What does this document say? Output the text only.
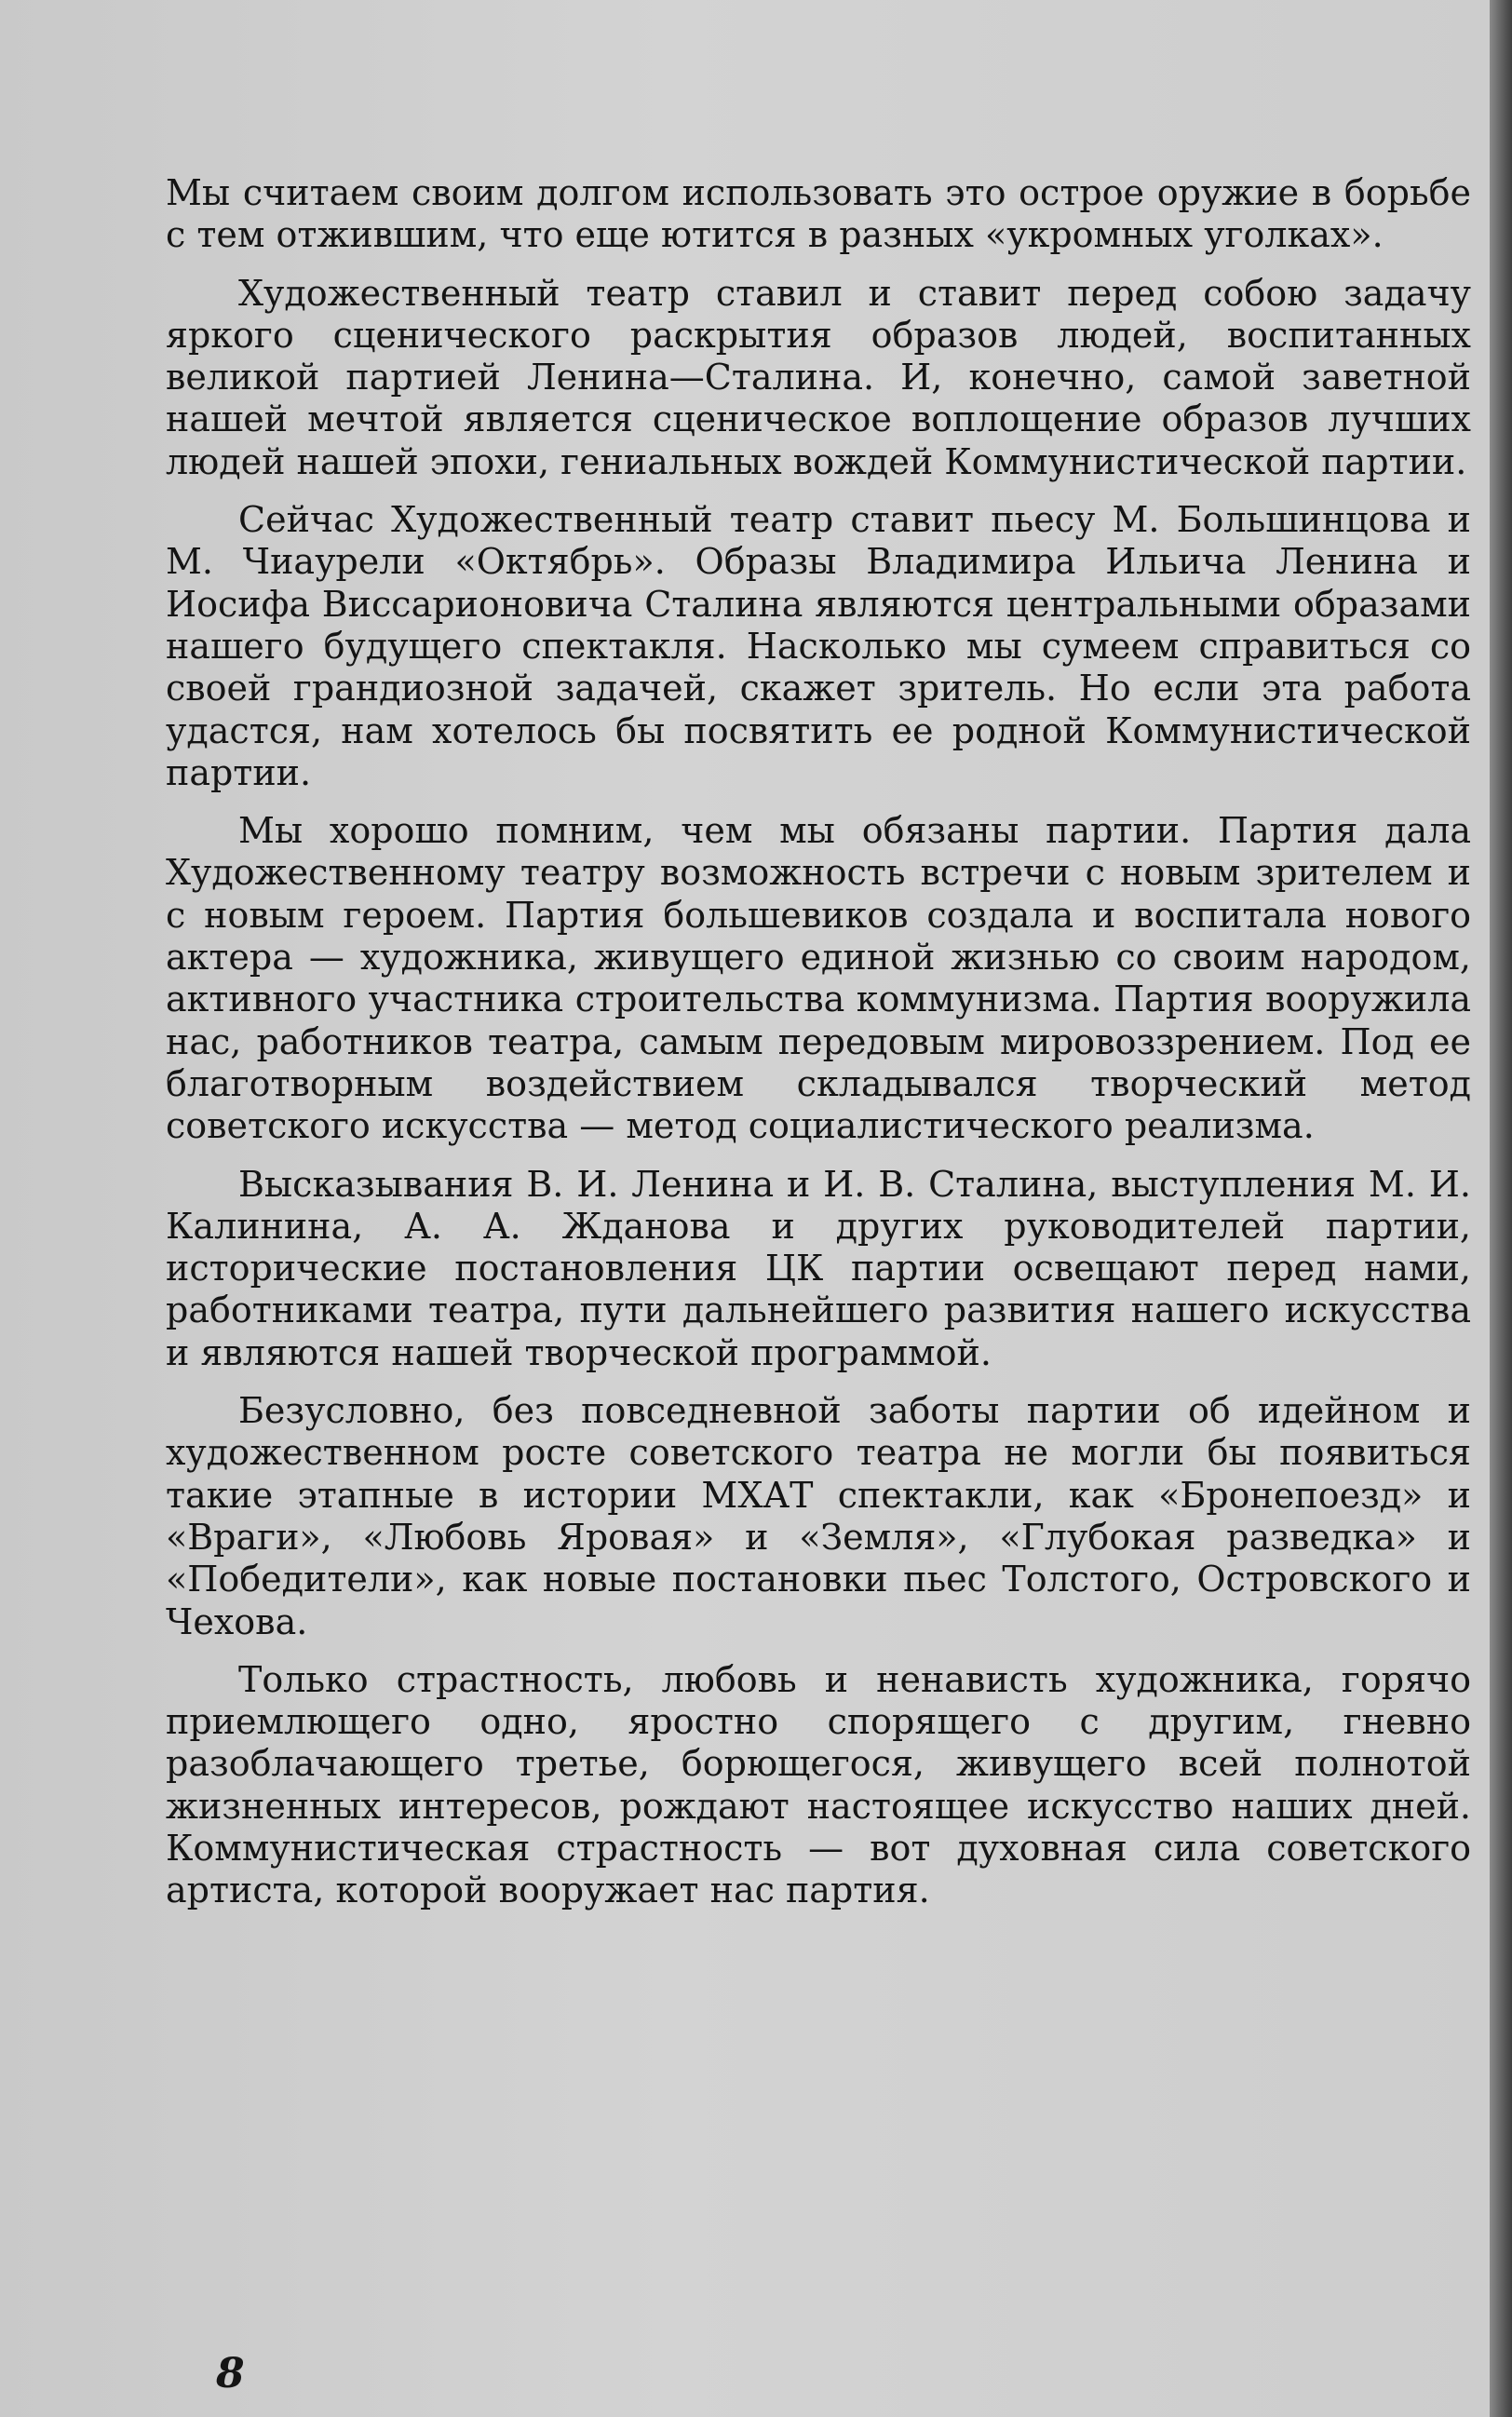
Мы считаем своим долгом использовать это острое оружие в борьбе с тем отжившим, что еще ютится в разных «укромных уголках».

Художественный театр ставил и ставит перед собою задачу яркого сценического раскрытия образов людей, воспитанных великой партией Ленина—Сталина. И, конечно, самой заветной нашей мечтой является сценическое воплощение образов лучших людей нашей эпохи, гениальных вождей Коммунистической партии.

Сейчас Художественный театр ставит пьесу М. Большинцова и М. Чиаурели «Октябрь». Образы Владимира Ильича Ленина и Иосифа Виссарионовича Сталина являются центральными образами нашего будущего спектакля. Насколько мы сумеем справиться со своей грандиозной задачей, скажет зритель. Но если эта работа удастся, нам хотелось бы посвятить ее родной Коммунистической партии.

Мы хорошо помним, чем мы обязаны партии. Партия дала Художественному театру возможность встречи с новым зрителем и с новым героем. Партия большевиков создала и воспитала нового актера — художника, живущего единой жизнью со своим народом, активного участника строительства коммунизма. Партия вооружила нас, работников театра, самым передовым мировоззрением. Под ее благотворным воздействием складывался творческий метод советского искусства — метод социалистического реализма.

Высказывания В. И. Ленина и И. В. Сталина, выступления М. И. Калинина, А. А. Жданова и других руководителей партии, исторические постановления ЦК партии освещают перед нами, работниками театра, пути дальнейшего развития нашего искусства и являются нашей творческой программой.

Безусловно, без повседневной заботы партии об идейном и художественном росте советского театра не могли бы появиться такие этапные в истории МХАТ спектакли, как «Бронепоезд» и «Враги», «Любовь Яровая» и «Земля», «Глубокая разведка» и «Победители», как новые постановки пьес Толстого, Островского и Чехова.

Только страстность, любовь и ненависть художника, горячо приемлющего одно, яростно спорящего с другим, гневно разоблачающего третье, борющегося, живущего всей полнотой жизненных интересов, рождают настоящее искусство наших дней. Коммунистическая страстность — вот духовная сила советского артиста, которой вооружает нас партия.

8
